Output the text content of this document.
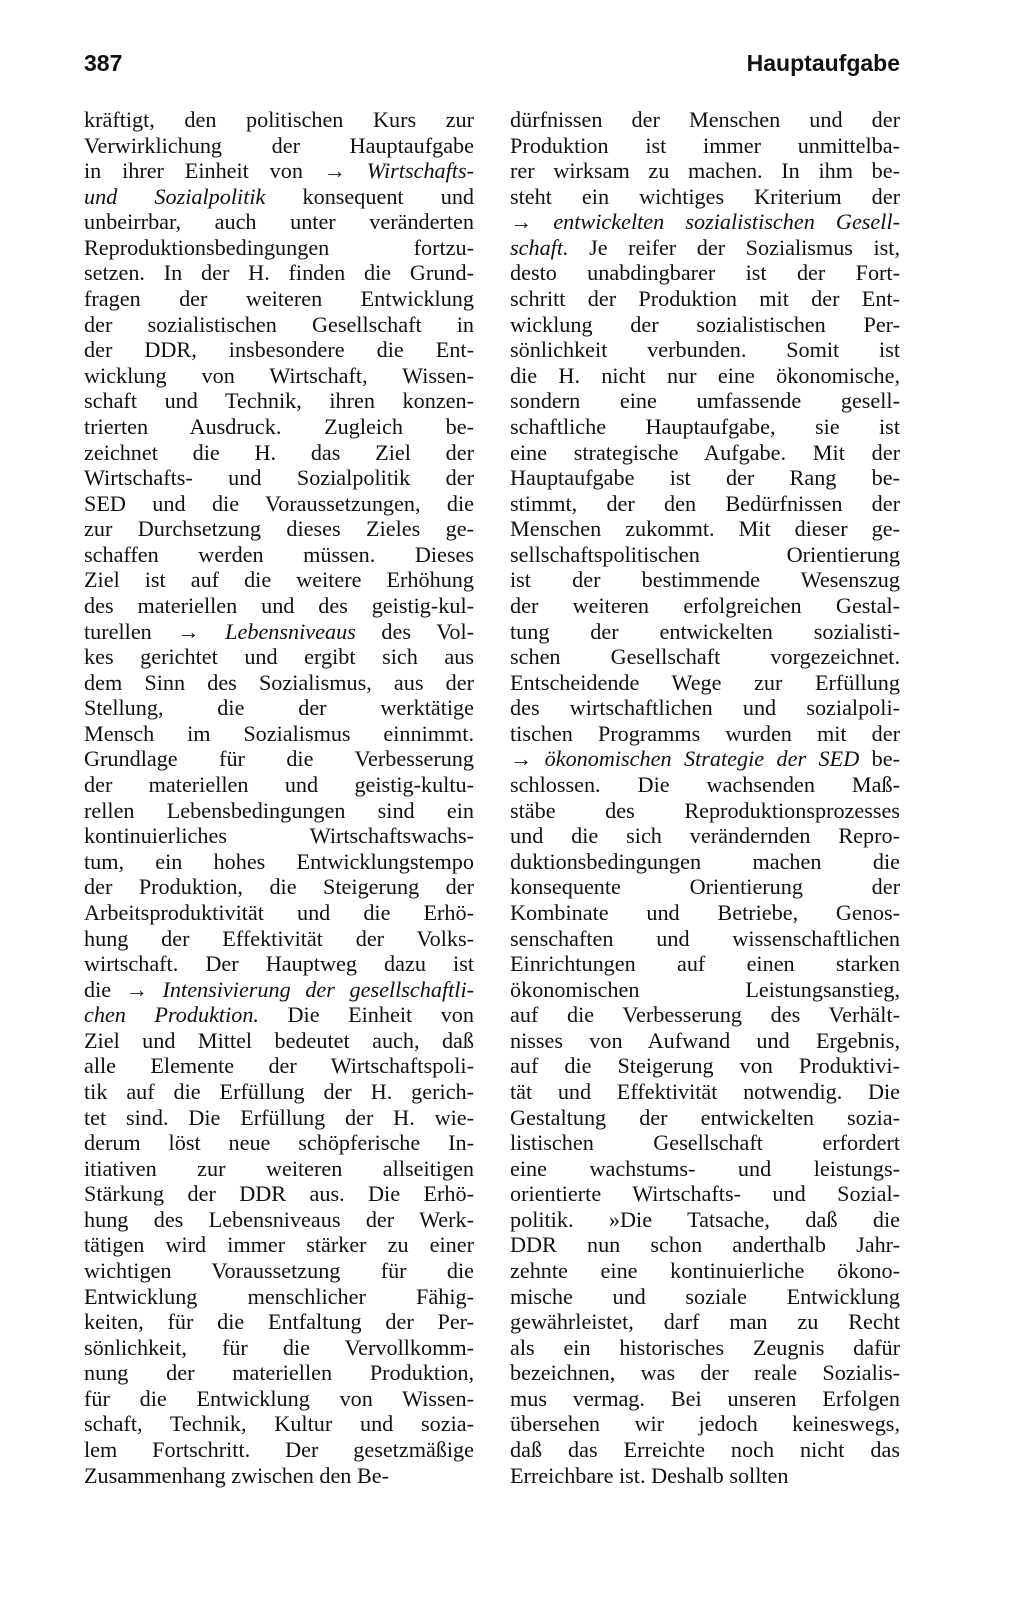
387	Hauptaufgabe
kräftigt, den politischen Kurs zur
Verwirklichung der Hauptaufgabe
in ihrer Einheit von → Wirtschafts-
und Sozialpolitik konsequent und
unbeirrbar, auch unter veränderten
Reproduktionsbedingungen fortzu-
setzen. In der H. finden die Grund-
fragen der weiteren Entwicklung
der sozialistischen Gesellschaft in
der DDR, insbesondere die Ent-
wicklung von Wirtschaft, Wissen-
schaft und Technik, ihren konzen-
trierten Ausdruck. Zugleich be-
zeichnet die H. das Ziel der
Wirtschafts- und Sozialpolitik der
SED und die Voraussetzungen, die
zur Durchsetzung dieses Zieles ge-
schaffen werden müssen. Dieses
Ziel ist auf die weitere Erhöhung
des materiellen und des geistig-kul-
turellen → Lebensniveaus des Vol-
kes gerichtet und ergibt sich aus
dem Sinn des Sozialismus, aus der
Stellung, die der werktätige
Mensch im Sozialismus einnimmt.
Grundlage für die Verbesserung
der materiellen und geistig-kultu-
rellen Lebensbedingungen sind ein
kontinuierliches Wirtschaftswachs-
tum, ein hohes Entwicklungstempo
der Produktion, die Steigerung der
Arbeitsproduktivität und die Erhö-
hung der Effektivität der Volks-
wirtschaft. Der Hauptweg dazu ist
die → Intensivierung der gesellschaftli-
chen Produktion. Die Einheit von
Ziel und Mittel bedeutet auch, daß
alle Elemente der Wirtschaftspoli-
tik auf die Erfüllung der H. gerich-
tet sind. Die Erfüllung der H. wie-
derum löst neue schöpferische In-
itiativen zur weiteren allseitigen
Stärkung der DDR aus. Die Erhö-
hung des Lebensniveaus der Werk-
tätigen wird immer stärker zu einer
wichtigen Voraussetzung für die
Entwicklung menschlicher Fähig-
keiten, für die Entfaltung der Per-
sönlichkeit, für die Vervollkomm-
nung der materiellen Produktion,
für die Entwicklung von Wissen-
schaft, Technik, Kultur und sozia-
lem Fortschritt. Der gesetzmäßige
Zusammenhang zwischen den Be-
dürfnissen der Menschen und der
Produktion ist immer unmittelba-
rer wirksam zu machen. In ihm be-
steht ein wichtiges Kriterium der
→ entwickelten sozialistischen Gesell-
schaft. Je reifer der Sozialismus ist,
desto unabdingbarer ist der Fort-
schritt der Produktion mit der Ent-
wicklung der sozialistischen Per-
sönlichkeit verbunden. Somit ist
die H. nicht nur eine ökonomische,
sondern eine umfassende gesell-
schaftliche Hauptaufgabe, sie ist
eine strategische Aufgabe. Mit der
Hauptaufgabe ist der Rang be-
stimmt, der den Bedürfnissen der
Menschen zukommt. Mit dieser ge-
sellschaftspolitischen Orientierung
ist der bestimmende Wesenszug
der weiteren erfolgreichen Gestal-
tung der entwickelten sozialisti-
schen Gesellschaft vorgezeichnet.
Entscheidende Wege zur Erfüllung
des wirtschaftlichen und sozialpoli-
tischen Programms wurden mit der
→ ökonomischen Strategie der SED be-
schlossen. Die wachsenden Maß-
stäbe des Reproduktionsprozesses
und die sich verändernden Repro-
duktionsbedingungen machen die
konsequente Orientierung der
Kombinate und Betriebe, Genos-
senschaften und wissenschaftlichen
Einrichtungen auf einen starken
ökonomischen Leistungsanstieg,
auf die Verbesserung des Verhält-
nisses von Aufwand und Ergebnis,
auf die Steigerung von Produktivi-
tät und Effektivität notwendig. Die
Gestaltung der entwickelten sozia-
listischen Gesellschaft erfordert
eine wachstums- und leistungs-
orientierte Wirtschafts- und Sozial-
politik. »Die Tatsache, daß die
DDR nun schon anderthalb Jahr-
zehnte eine kontinuierliche ökono-
mische und soziale Entwicklung
gewährleistet, darf man zu Recht
als ein historisches Zeugnis dafür
bezeichnen, was der reale Sozialis-
mus vermag. Bei unseren Erfolgen
übersehen wir jedoch keineswegs,
daß das Erreichte noch nicht das
Erreichbare ist. Deshalb sollten
